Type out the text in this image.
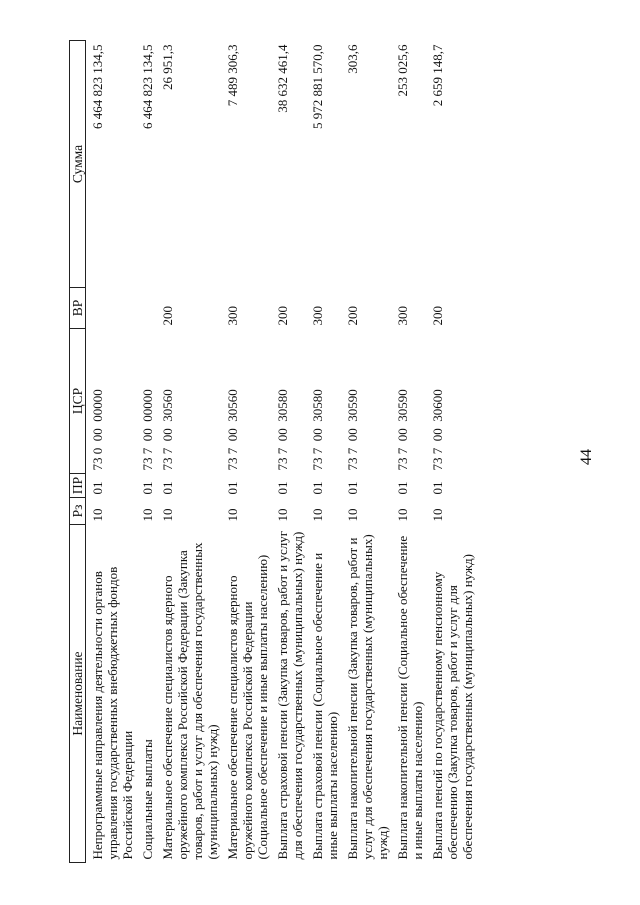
44
Наименование	Рз	ПР	ЦСР	ВР	Сумма
Непрограммные направления деятельности органов управления государственных внебюджетных фондов Российской Федерации	10	01	73 0  00  00000		6 464 823 134,5
Социальные выплаты	10	01	73 7  00  00000		6 464 823 134,5
Материальное обеспечение специалистов ядерного оружейного комплекса Российской Федерации (Закупка товаров, работ и услуг для обеспечения государственных (муниципальных) нужд)	10	01	73 7  00  30560	200	26 951,3
Материальное обеспечение специалистов ядерного оружейного комплекса Российской Федерации (Социальное обеспечение и иные выплаты населению)	10	01	73 7  00  30560	300	7 489 306,3
Выплата страховой пенсии (Закупка товаров, работ и услуг для обеспечения государственных (муниципальных) нужд)	10	01	73 7  00  30580	200	38 632 461,4
Выплата страховой пенсии (Социальное обеспечение и иные выплаты населению)	10	01	73 7  00  30580	300	5 972 881 570,0
Выплата накопительной пенсии (Закупка товаров, работ и услуг для обеспечения государственных (муниципальных) нужд)	10	01	73 7  00  30590	200	303,6
Выплата накопительной пенсии (Социальное обеспечение и иные выплаты населению)	10	01	73 7  00  30590	300	253 025,6
Выплата пенсий по государственному пенсионному обеспечению (Закупка товаров, работ и услуг для обеспечения государственных (муниципальных) нужд)	10	01	73 7  00  30600	200	2 659 148,7
